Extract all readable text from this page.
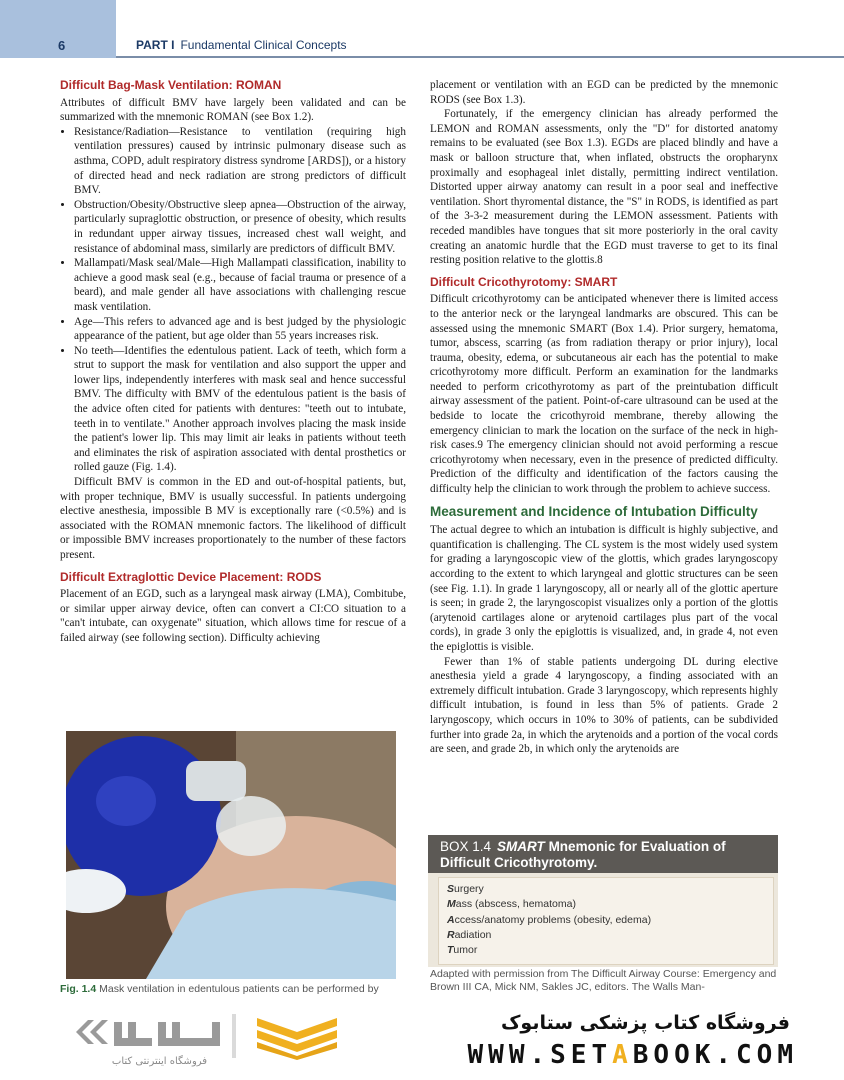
6	PART I Fundamental Clinical Concepts
Difficult Bag-Mask Ventilation: ROMAN

Attributes of difficult BMV have largely been validated and can be summarized with the mnemonic ROMAN (see Box 1.2).

• Resistance/Radiation—Resistance to ventilation (requiring high ventilation pressures) caused by intrinsic pulmonary disease such as asthma, COPD, adult respiratory distress syndrome [ARDS]), or a history of directed head and neck radiation are strong predictors of difficult BMV.
• Obstruction/Obesity/Obstructive sleep apnea—Obstruction of the airway, particularly supraglottic obstruction, or presence of obesity, which results in redundant upper airway tissues, increased chest wall weight, and resistance of abdominal mass, similarly are predictors of difficult BMV.
• Mallampati/Mask seal/Male—High Mallampati classification, inability to achieve a good mask seal (e.g., because of facial trauma or presence of a beard), and male gender all have associations with challenging rescue mask ventilation.
• Age—This refers to advanced age and is best judged by the physiologic appearance of the patient, but age older than 55 years increases risk.
• No teeth—Identifies the edentulous patient. Lack of teeth, which form a strut to support the mask for ventilation and also support the upper and lower lips, independently interferes with mask seal and hence successful BMV. The difficulty with BMV of the edentulous patient is the basis of the advice often cited for patients with dentures: "teeth out to intubate, teeth in to ventilate." Another approach involves placing the mask inside the patient's lower lip. This may limit air leaks in patients without teeth and eliminates the risk of aspiration associated with dental prosthetics or rolled gauze (Fig. 1.4).

Difficult BMV is common in the ED and out-of-hospital patients, but, with proper technique, BMV is usually successful. In patients undergoing elective anesthesia, impossible B MV is exceptionally rare (<0.5%) and is associated with the ROMAN mnemonic factors. The likelihood of difficult or impossible BMV increases proportionately to the number of these factors present.

Difficult Extraglottic Device Placement: RODS

Placement of an EGD, such as a laryngeal mask airway (LMA), Combitube, or similar upper airway device, often can convert a CI:CO situation to a "can't intubate, can oxygenate" situation, which allows time for rescue of a failed airway (see following section). Difficulty achieving

Fig. 1.4 Mask ventilation in edentulous patients can be performed by

placement or ventilation with an EGD can be predicted by the mnemonic RODS (see Box 1.3).

Fortunately, if the emergency clinician has already performed the LEMON and ROMAN assessments, only the "D" for distorted anatomy remains to be evaluated (see Box 1.3). EGDs are placed blindly and have a mask or balloon structure that, when inflated, obstructs the oropharynx proximally and esophageal inlet distally, permitting indirect ventilation. Distorted upper airway anatomy can result in a poor seal and ineffective ventilation. Short thyromental distance, the "S" in RODS, is identified as part of the 3-3-2 measurement during the LEMON assessment. Patients with receded mandibles have tongues that sit more posteriorly in the oral cavity creating an anatomic hurdle that the EGD must traverse to get to its final resting position relative to the glottis.8

Difficult Cricothyrotomy: SMART

Difficult cricothyrotomy can be anticipated whenever there is limited access to the anterior neck or the laryngeal landmarks are obscured. This can be assessed using the mnemonic SMART (Box 1.4). Prior surgery, hematoma, tumor, abscess, scarring (as from radiation therapy or prior injury), local trauma, obesity, edema, or subcutaneous air each has the potential to make cricothyrotomy more difficult. Perform an examination for the landmarks needed to perform cricothyrotomy as part of the preintubation difficult airway assessment of the patient. Point-of-care ultrasound can be used at the bedside to locate the cricothyroid membrane, thereby allowing the emergency clinician to mark the location on the surface of the neck in high-risk cases.9 The emergency clinician should not avoid performing a rescue cricothyrotomy when necessary, even in the presence of predicted difficulty. Prediction of the difficulty and identification of the factors causing the difficulty help the clinician to work through the problem to achieve success.

Measurement and Incidence of Intubation Difficulty

The actual degree to which an intubation is difficult is highly subjective, and quantification is challenging. The CL system is the most widely used system for grading a laryngoscopic view of the glottis, which grades laryngoscopy according to the extent to which laryngeal and glottic structures can be seen (see Fig. 1.1). In grade 1 laryngoscopy, all or nearly all of the glottic aperture is seen; in grade 2, the laryngoscopist visualizes only a portion of the glottis (arytenoid cartilages alone or arytenoid cartilages plus part of the vocal cords), in grade 3 only the epiglottis is visualized, and, in grade 4, not even the epiglottis is visible.

Fewer than 1% of stable patients undergoing DL during elective anesthesia yield a grade 4 laryngoscopy, a finding associated with an extremely difficult intubation. Grade 3 laryngoscopy, which represents highly difficult intubation, is found in less than 5% of patients. Grade 2 laryngoscopy, which occurs in 10% to 30% of patients, can be subdivided further into grade 2a, in which the arytenoids and a portion of the vocal cords are seen, and grade 2b, in which only the arytenoids are

BOX 1.4 SMART Mnemonic for Evaluation of Difficult Cricothyrotomy.
Surgery
Mass (abscess, hematoma)
Access/anatomy problems (obesity, edema)
Radiation
Tumor
Adapted with permission from The Difficult Airway Course: Emergency and Brown III CA, Mick NM, Sakles JC, editors. The Walls Man-
فروشگاه اینترنتی کتاب
فروشگاه کتاب پزشکی ستابوک
WWW.SETABOOK.COM
